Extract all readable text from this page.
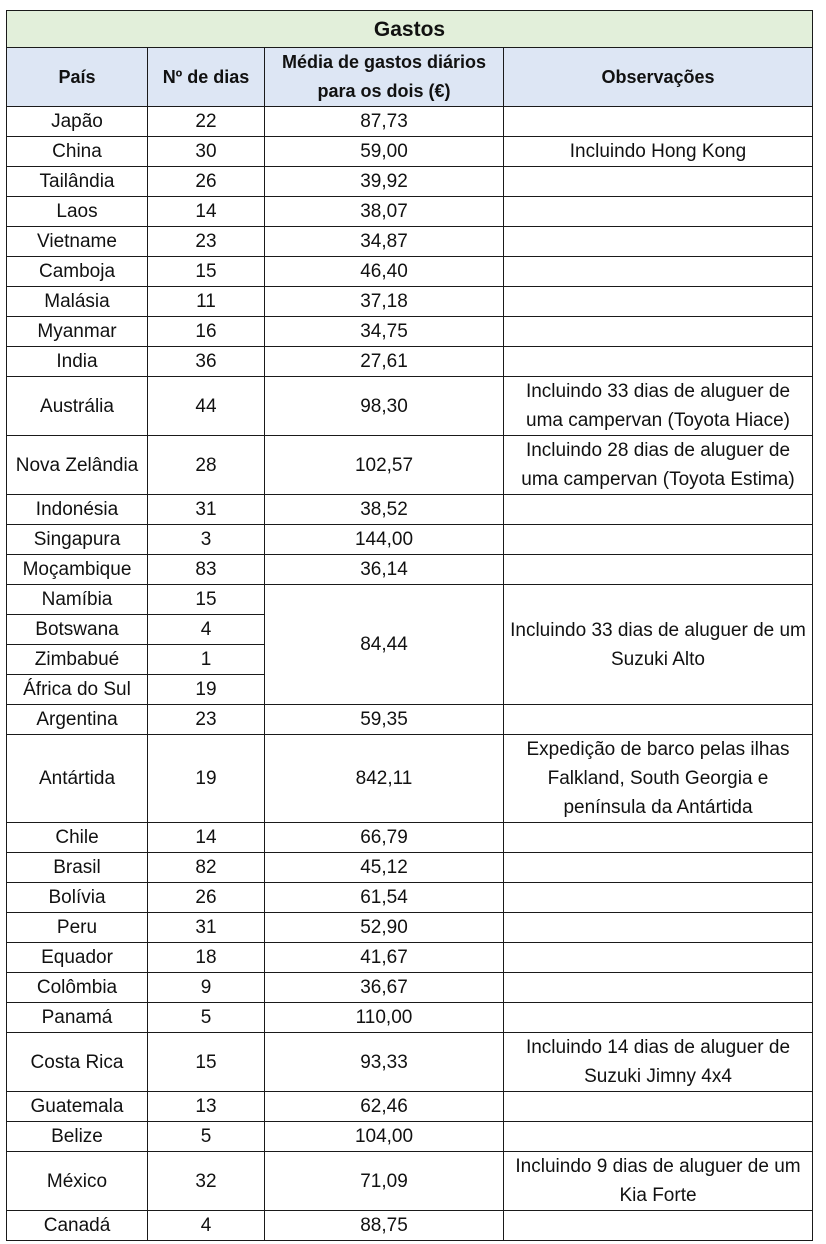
Gastos			
País	Nº de dias	Média de gastos diários para os dois (€)	Observações
Japão	22	87,73	
China	30	59,00	Incluindo Hong Kong
Tailândia	26	39,92	
Laos	14	38,07	
Vietname	23	34,87	
Camboja	15	46,40	
Malásia	11	37,18	
Myanmar	16	34,75	
India	36	27,61	
Austrália	44	98,30	Incluindo 33 dias de aluguer de uma campervan (Toyota Hiace)
Nova Zelândia	28	102,57	Incluindo 28 dias de aluguer de uma campervan (Toyota Estima)
Indonésia	31	38,52	
Singapura	3	144,00	
Moçambique	83	36,14	
Namíbia	15	84,44	Incluindo 33 dias de aluguer de um Suzuki Alto
Botswana	4		
Zimbabué	1		
África do Sul	19		
Argentina	23	59,35	
Antártida	19	842,11	Expedição de barco pelas ilhas Falkland, South Georgia e península da Antártida
Chile	14	66,79	
Brasil	82	45,12	
Bolívia	26	61,54	
Peru	31	52,90	
Equador	18	41,67	
Colômbia	9	36,67	
Panamá	5	110,00	
Costa Rica	15	93,33	Incluindo 14 dias de aluguer de Suzuki Jimny 4x4
Guatemala	13	62,46	
Belize	5	104,00	
México	32	71,09	Incluindo 9 dias de aluguer de um Kia Forte
Canadá	4	88,75	
